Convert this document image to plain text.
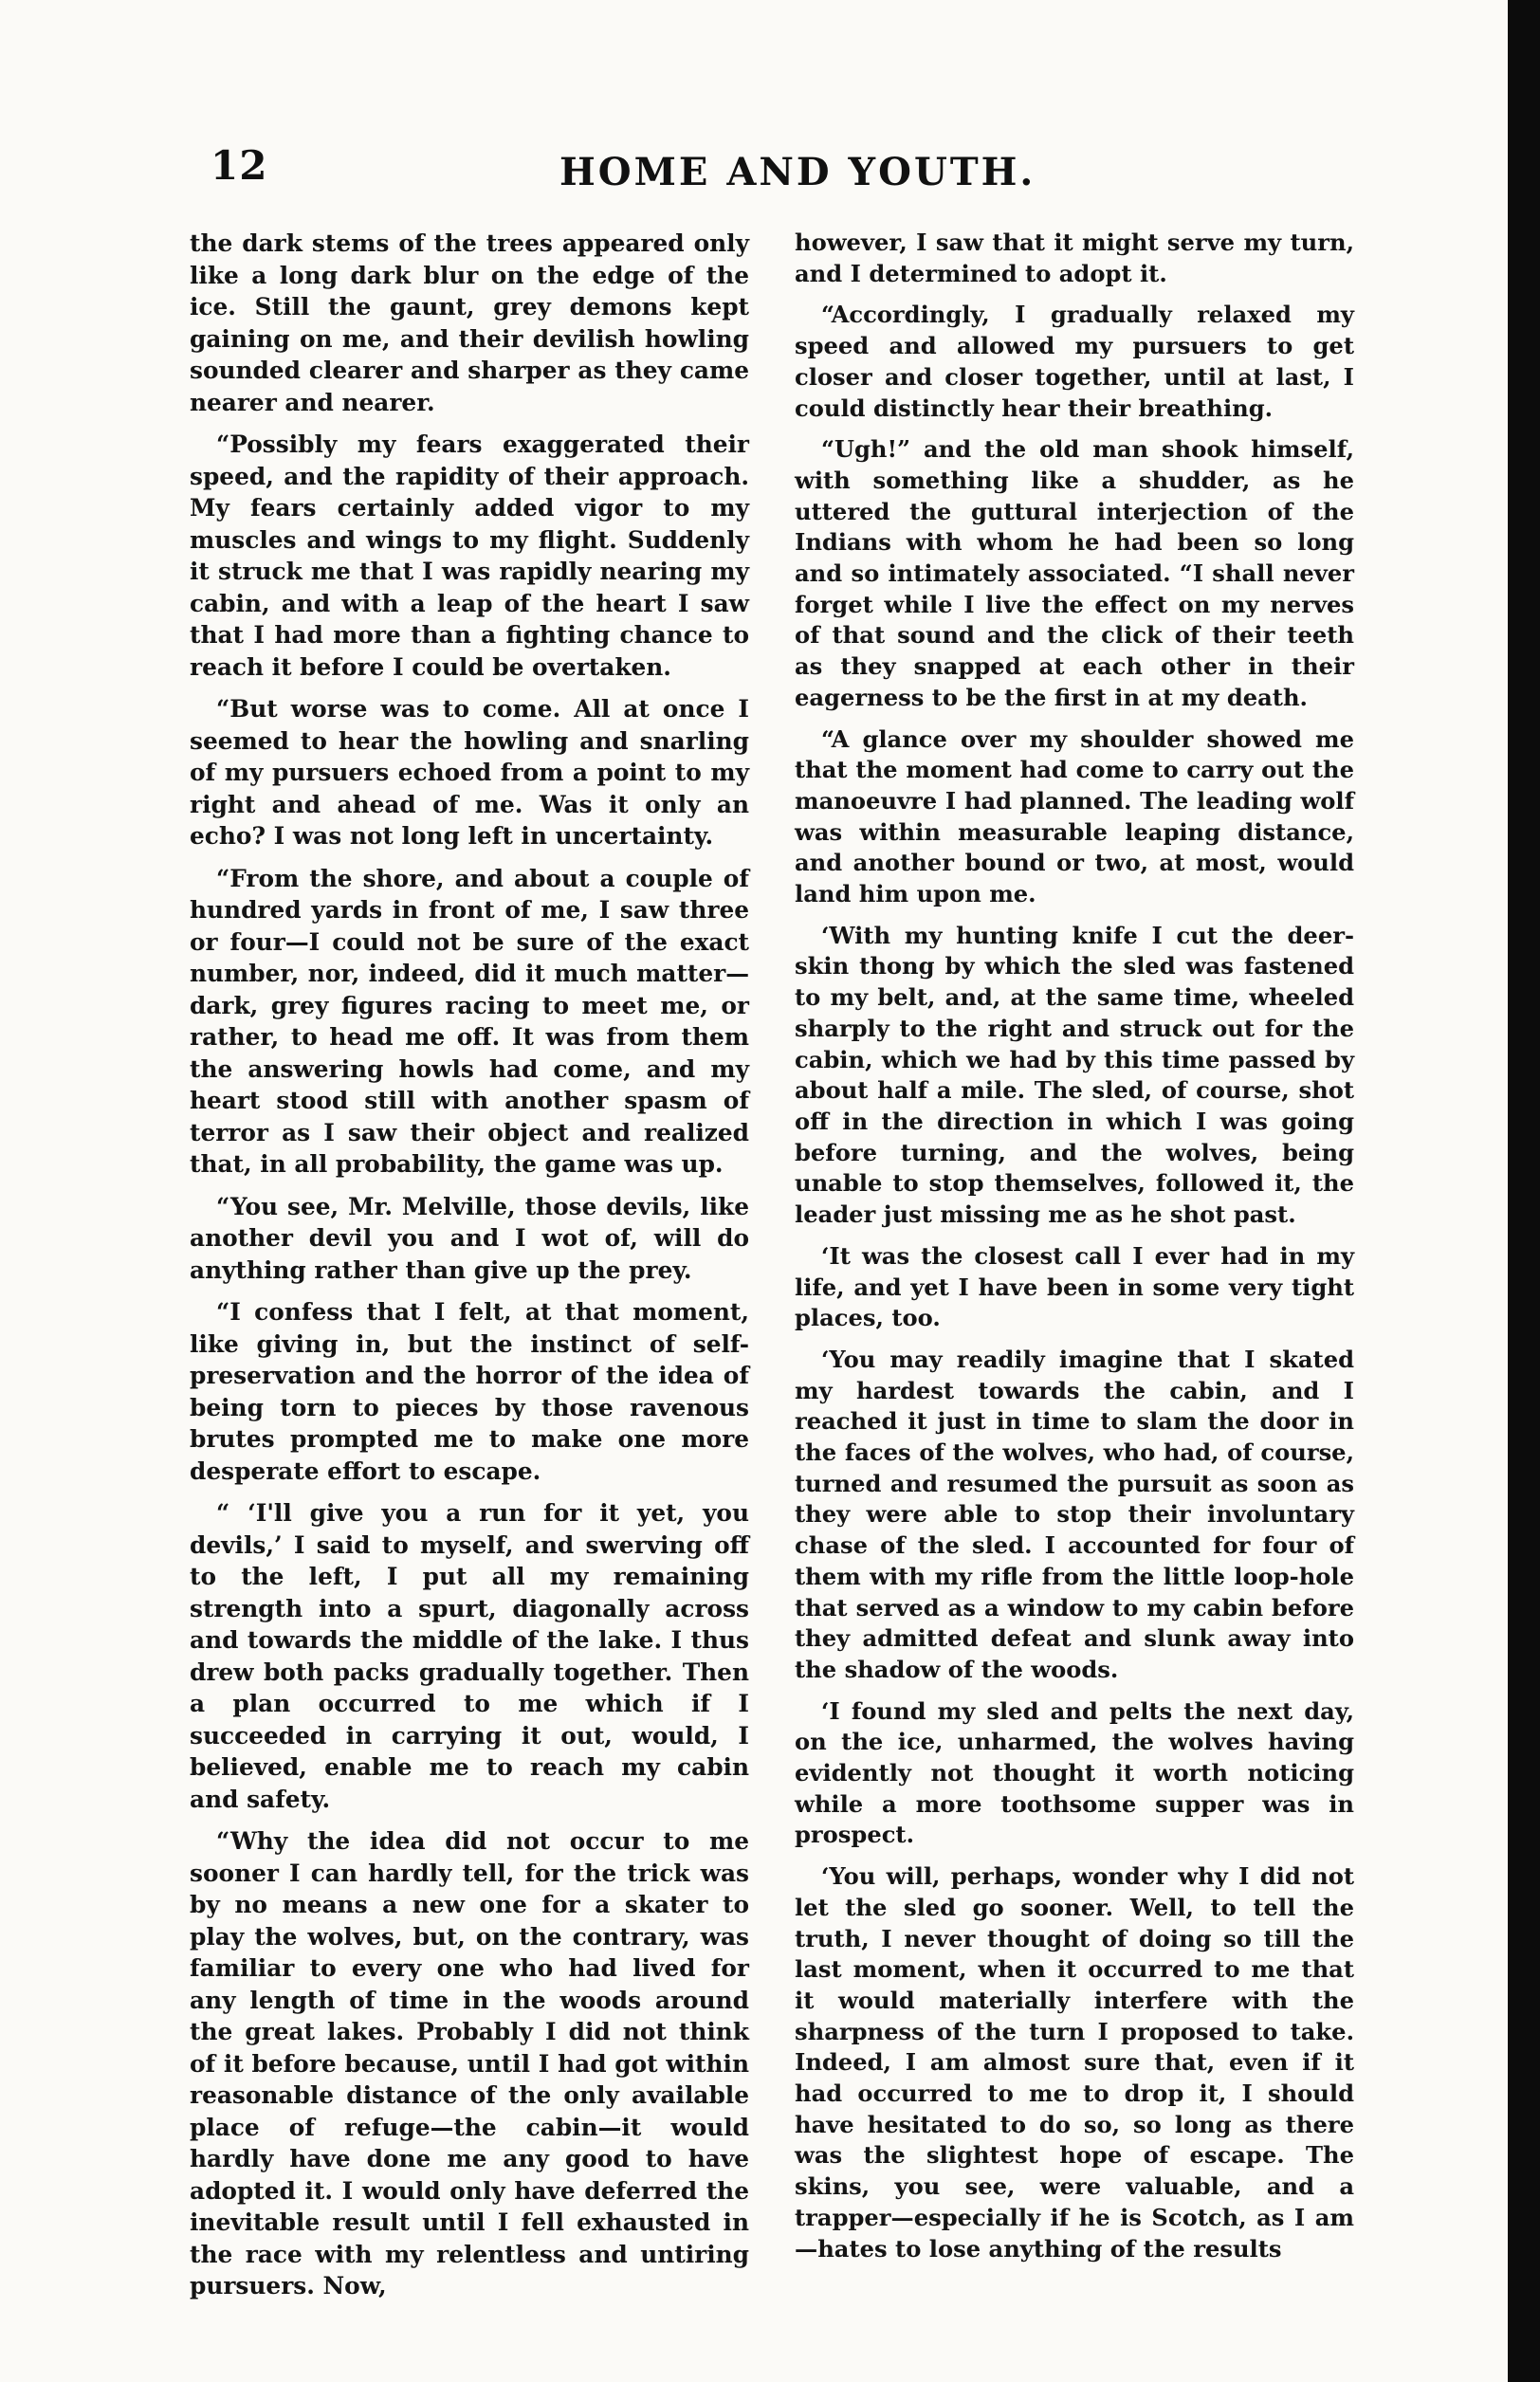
12	HOME AND YOUTH.

the dark stems of the trees appeared only like a long dark blur on the edge of the ice. Still the gaunt, grey demons kept gaining on me, and their devilish howling sounded clearer and sharper as they came nearer and nearer.

“Possibly my fears exaggerated their speed, and the rapidity of their approach. My fears certainly added vigor to my muscles and wings to my flight. Suddenly it struck me that I was rapidly nearing my cabin, and with a leap of the heart I saw that I had more than a fighting chance to reach it before I could be overtaken.

“But worse was to come. All at once I seemed to hear the howling and snarling of my pursuers echoed from a point to my right and ahead of me. Was it only an echo? I was not long left in uncertainty.

“From the shore, and about a couple of hundred yards in front of me, I saw three or four—I could not be sure of the exact number, nor, indeed, did it much matter—dark, grey figures racing to meet me, or rather, to head me off. It was from them the answering howls had come, and my heart stood still with another spasm of terror as I saw their object and realized that, in all probability, the game was up.

“You see, Mr. Melville, those devils, like another devil you and I wot of, will do anything rather than give up the prey.

“I confess that I felt, at that moment, like giving in, but the instinct of self-preservation and the horror of the idea of being torn to pieces by those ravenous brutes prompted me to make one more desperate effort to escape.

“ ‘I'll give you a run for it yet, you devils,’ I said to myself, and swerving off to the left, I put all my remaining strength into a spurt, diagonally across and towards the middle of the lake. I thus drew both packs gradually together. Then a plan occurred to me which if I succeeded in carrying it out, would, I believed, enable me to reach my cabin and safety.

“Why the idea did not occur to me sooner I can hardly tell, for the trick was by no means a new one for a skater to play the wolves, but, on the contrary, was familiar to every one who had lived for any length of time in the woods around the great lakes. Probably I did not think of it before because, until I had got within reasonable distance of the only available place of refuge—the cabin—it would hardly have done me any good to have adopted it. I would only have deferred the inevitable result until I fell exhausted in the race with my relentless and untiring pursuers. Now,

however, I saw that it might serve my turn, and I determined to adopt it.

“Accordingly, I gradually relaxed my speed and allowed my pursuers to get closer and closer together, until at last, I could distinctly hear their breathing.

“Ugh!” and the old man shook himself, with something like a shudder, as he uttered the guttural interjection of the Indians with whom he had been so long and so intimately associated. “I shall never forget while I live the effect on my nerves of that sound and the click of their teeth as they snapped at each other in their eagerness to be the first in at my death.

“A glance over my shoulder showed me that the moment had come to carry out the manoeuvre I had planned. The leading wolf was within measurable leaping distance, and another bound or two, at most, would land him upon me.

‘With my hunting knife I cut the deer-skin thong by which the sled was fastened to my belt, and, at the same time, wheeled sharply to the right and struck out for the cabin, which we had by this time passed by about half a mile. The sled, of course, shot off in the direction in which I was going before turning, and the wolves, being unable to stop themselves, followed it, the leader just missing me as he shot past.

‘It was the closest call I ever had in my life, and yet I have been in some very tight places, too.

‘You may readily imagine that I skated my hardest towards the cabin, and I reached it just in time to slam the door in the faces of the wolves, who had, of course, turned and resumed the pursuit as soon as they were able to stop their involuntary chase of the sled. I accounted for four of them with my rifle from the little loop-hole that served as a window to my cabin before they admitted defeat and slunk away into the shadow of the woods.

‘I found my sled and pelts the next day, on the ice, unharmed, the wolves having evidently not thought it worth noticing while a more toothsome supper was in prospect.

‘You will, perhaps, wonder why I did not let the sled go sooner. Well, to tell the truth, I never thought of doing so till the last moment, when it occurred to me that it would materially interfere with the sharpness of the turn I proposed to take. Indeed, I am almost sure that, even if it had occurred to me to drop it, I should have hesitated to do so, so long as there was the slightest hope of escape. The skins, you see, were valuable, and a trapper—especially if he is Scotch, as I am—hates to lose anything of the results
